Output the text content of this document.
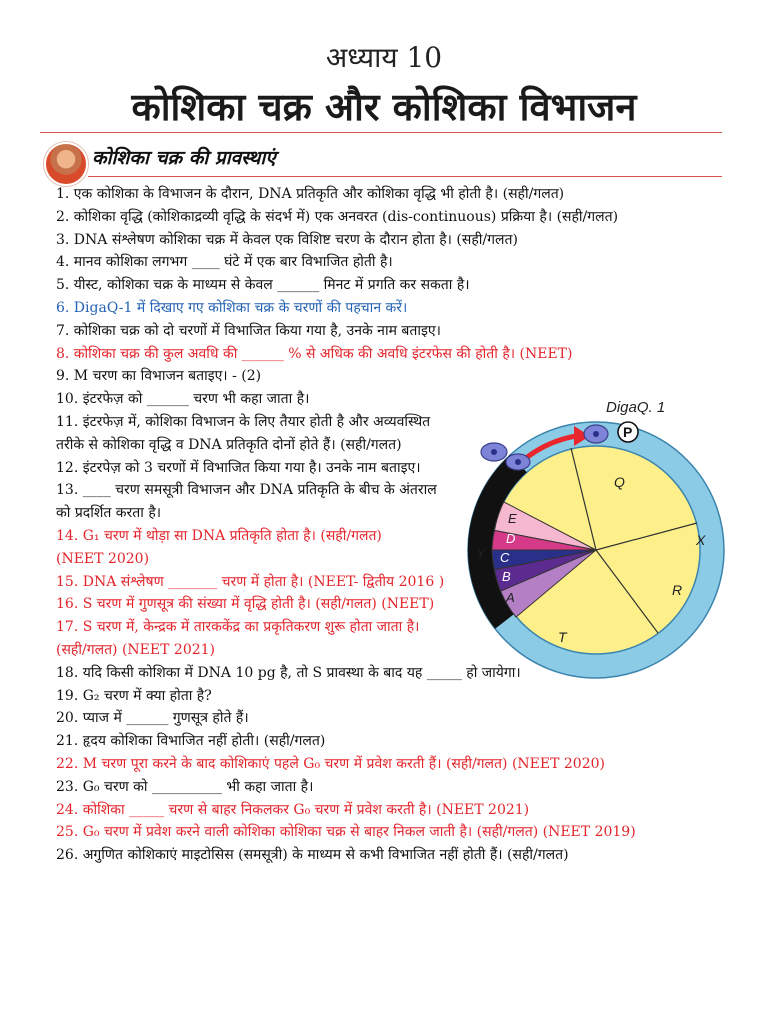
अध्याय 10
कोशिका चक्र और कोशिका विभाजन
कोशिका चक्र की प्रावस्थाएं
1. एक कोशिका के विभाजन के दौरान, DNA प्रतिकृति और कोशिका वृद्धि भी होती है। (सही/गलत)
2. कोशिका वृद्धि (कोशिकाद्रव्यी वृद्धि के संदर्भ में) एक अनवरत (dis-continuous) प्रक्रिया है। (सही/गलत)
3. DNA संश्लेषण कोशिका चक्र में केवल एक विशिष्ट चरण के दौरान होता है। (सही/गलत)
4. मानव कोशिका लगभग ____ घंटे में एक बार विभाजित होती है।
5. यीस्ट, कोशिका चक्र के माध्यम से केवल ______ मिनट में प्रगति कर सकता है।
6. DigaQ-1 में दिखाए गए कोशिका चक्र के चरणों की पहचान करें।
7. कोशिका चक्र को दो चरणों में विभाजित किया गया है, उनके नाम बताइए।
8. कोशिका चक्र की कुल अवधि की ______ % से अधिक की अवधि इंटरफेस की होती है। (NEET)
9. M चरण का विभाजन बताइए। - (2)
10. इंटरफेज़ को ______ चरण भी कहा जाता है।
11. इंटरफेज़ में, कोशिका विभाजन के लिए तैयार होती है और अव्यवस्थित
तरीके से कोशिका वृद्धि व DNA प्रतिकृति दोनों होते हैं। (सही/गलत)
12. इंटरपेज़ को 3 चरणों में विभाजित किया गया है। उनके नाम बताइए।
13. ____ चरण समसूत्री विभाजन और DNA प्रतिकृति के बीच के अंतराल
को प्रदर्शित करता है।
14. G₁ चरण में थोड़ा सा DNA प्रतिकृति होता है। (सही/गलत)
(NEET 2020)
15. DNA संश्लेषण _______ चरण में होता है। (NEET- द्वितीय 2016 )
16. S चरण में गुणसूत्र की संख्या में वृद्धि होती है। (सही/गलत) (NEET)
17. S चरण में, केन्द्रक में तारककेंद्र का प्रकृतिकरण शुरू होता जाता है।
(सही/गलत) (NEET 2021)
18. यदि किसी कोशिका में DNA 10 pg है, तो S प्रावस्था के बाद यह _____ हो जायेगा।
19. G₂ चरण में क्या होता है?
20. प्याज में ______ गुणसूत्र होते हैं।
21. हृदय कोशिका विभाजित नहीं होती। (सही/गलत)
22. M चरण पूरा करने के बाद कोशिकाएं पहले G₀ चरण में प्रवेश करती हैं। (सही/गलत) (NEET 2020)
23. G₀ चरण को __________ भी कहा जाता है।
24. कोशिका _____ चरण से बाहर निकलकर G₀ चरण में प्रवेश करती है। (NEET 2021)
25. G₀ चरण में प्रवेश करने वाली कोशिका कोशिका चक्र से बाहर निकल जाती है। (सही/गलत) (NEET 2019)
26. अगुणित कोशिकाएं माइटोसिस (समसूत्री) के माध्यम से कभी विभाजित नहीं होती हैं। (सही/गलत)
DigaQ. 1
P
Q
X
R
T
Y
E
D
C
B
A
